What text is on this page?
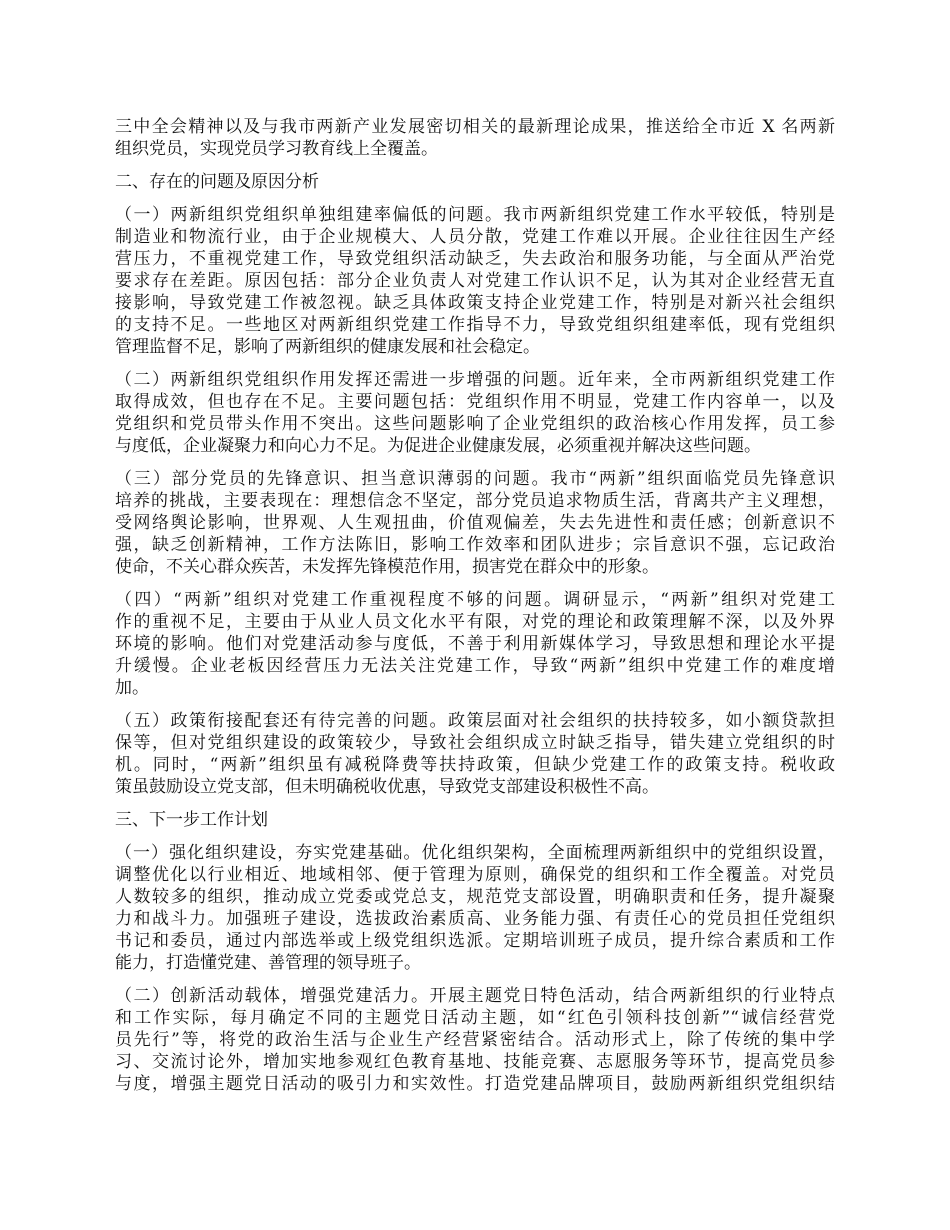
三中全会精神以及与我市两新产业发展密切相关的最新理论成果，推送给全市近 X 名两新
组织党员，实现党员学习教育线上全覆盖。
二、存在的问题及原因分析
（一）两新组织党组织单独组建率偏低的问题。我市两新组织党建工作水平较低，特别是
制造业和物流行业，由于企业规模大、人员分散，党建工作难以开展。企业往往因生产经
营压力，不重视党建工作，导致党组织活动缺乏，失去政治和服务功能，与全面从严治党
要求存在差距。原因包括：部分企业负责人对党建工作认识不足，认为其对企业经营无直
接影响，导致党建工作被忽视。缺乏具体政策支持企业党建工作，特别是对新兴社会组织
的支持不足。一些地区对两新组织党建工作指导不力，导致党组织组建率低，现有党组织
管理监督不足，影响了两新组织的健康发展和社会稳定。
（二）两新组织党组织作用发挥还需进一步增强的问题。近年来，全市两新组织党建工作
取得成效，但也存在不足。主要问题包括：党组织作用不明显，党建工作内容单一，以及
党组织和党员带头作用不突出。这些问题影响了企业党组织的政治核心作用发挥，员工参
与度低，企业凝聚力和向心力不足。为促进企业健康发展，必须重视并解决这些问题。
（三）部分党员的先锋意识、担当意识薄弱的问题。我市“两新”组织面临党员先锋意识
培养的挑战，主要表现在：理想信念不坚定，部分党员追求物质生活，背离共产主义理想，
受网络舆论影响，世界观、人生观扭曲，价值观偏差，失去先进性和责任感；创新意识不
强，缺乏创新精神，工作方法陈旧，影响工作效率和团队进步；宗旨意识不强，忘记政治
使命，不关心群众疾苦，未发挥先锋模范作用，损害党在群众中的形象。
（四）“两新”组织对党建工作重视程度不够的问题。调研显示，“两新”组织对党建工
作的重视不足，主要由于从业人员文化水平有限，对党的理论和政策理解不深，以及外界
环境的影响。他们对党建活动参与度低，不善于利用新媒体学习，导致思想和理论水平提
升缓慢。企业老板因经营压力无法关注党建工作，导致“两新”组织中党建工作的难度增
加。
（五）政策衔接配套还有待完善的问题。政策层面对社会组织的扶持较多，如小额贷款担
保等，但对党组织建设的政策较少，导致社会组织成立时缺乏指导，错失建立党组织的时
机。同时，“两新”组织虽有减税降费等扶持政策，但缺少党建工作的政策支持。税收政
策虽鼓励设立党支部，但未明确税收优惠，导致党支部建设积极性不高。
三、下一步工作计划
（一）强化组织建设，夯实党建基础。优化组织架构，全面梳理两新组织中的党组织设置，
调整优化以行业相近、地域相邻、便于管理为原则，确保党的组织和工作全覆盖。对党员
人数较多的组织，推动成立党委或党总支，规范党支部设置，明确职责和任务，提升凝聚
力和战斗力。加强班子建设，选拔政治素质高、业务能力强、有责任心的党员担任党组织
书记和委员，通过内部选举或上级党组织选派。定期培训班子成员，提升综合素质和工作
能力，打造懂党建、善管理的领导班子。
（二）创新活动载体，增强党建活力。开展主题党日特色活动，结合两新组织的行业特点
和工作实际，每月确定不同的主题党日活动主题，如“红色引领科技创新”“诚信经营党
员先行”等，将党的政治生活与企业生产经营紧密结合。活动形式上，除了传统的集中学
习、交流讨论外，增加实地参观红色教育基地、技能竞赛、志愿服务等环节，提高党员参
与度，增强主题党日活动的吸引力和实效性。打造党建品牌项目，鼓励两新组织党组织结
